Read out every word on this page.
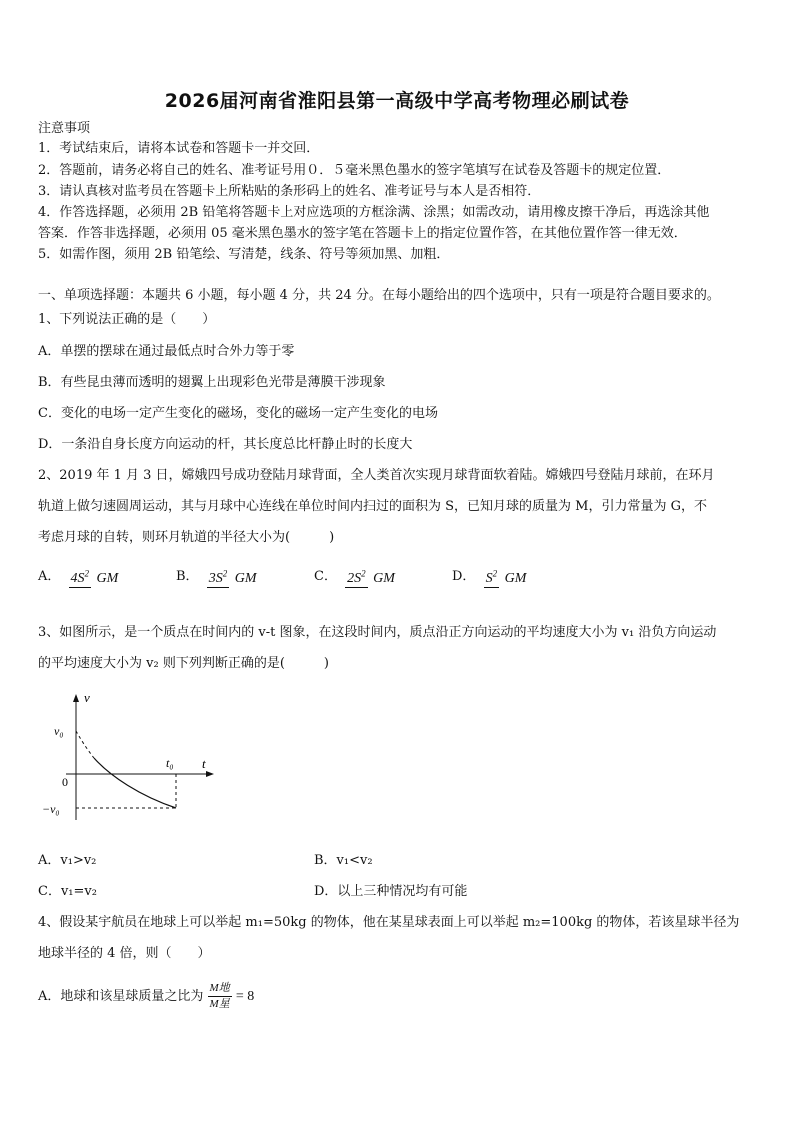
2026届河南省淮阳县第一高级中学高考物理必刷试卷
注意事项
1．考试结束后，请将本试卷和答题卡一并交回．
2．答题前，请务必将自己的姓名、准考证号用０．５毫米黑色墨水的签字笔填写在试卷及答题卡的规定位置．
3．请认真核对监考员在答题卡上所粘贴的条形码上的姓名、准考证号与本人是否相符．
4．作答选择题，必须用 2B 铅笔将答题卡上对应选项的方框涂满、涂黑；如需改动，请用橡皮擦干净后，再选涂其他
答案．作答非选择题，必须用 05 毫米黑色墨水的签字笔在答题卡上的指定位置作答，在其他位置作答一律无效．
5．如需作图，须用 2B 铅笔绘、写清楚，线条、符号等须加黑、加粗．
一、单项选择题：本题共 6 小题，每小题 4 分，共 24 分。在每小题给出的四个选项中，只有一项是符合题目要求的。
1、下列说法正确的是（　　）
A．单摆的摆球在通过最低点时合外力等于零
B．有些昆虫薄而透明的翅翼上出现彩色光带是薄膜干涉现象
C．变化的电场一定产生变化的磁场，变化的磁场一定产生变化的电场
D．一条沿自身长度方向运动的杆，其长度总比杆静止时的长度大
2、2019 年 1 月 3 日，嫦娥四号成功登陆月球背面，全人类首次实现月球背面软着陆。嫦娥四号登陆月球前，在环月
轨道上做匀速圆周运动，其与月球中心连线在单位时间内扫过的面积为 S，已知月球的质量为 M，引力常量为 G，不
考虑月球的自转，则环月轨道的半径大小为(　　　)
A． $4S^2$ GM	B． $3S^2$ GM	C． $2S^2$ GM	D． $S^2$ GM
3、如图所示，是一个质点在时间内的 v-t 图象，在这段时间内，质点沿正方向运动的平均速度大小为 v₁ 沿负方向运动
的平均速度大小为 v₂ 则下列判断正确的是(　　　)
v
t
v₀
0
t₀
−v₀
A．v₁>v₂	B．v₁<v₂
C．v₁=v₂	D．以上三种情况均有可能
4、假设某宇航员在地球上可以举起 m₁=50kg 的物体，他在某星球表面上可以举起 m₂=100kg 的物体，若该星球半径为
地球半径的 4 倍，则（　　）
A．地球和该星球质量之比为 $\frac{\text{M地}}{\text{M星}} = 8$
